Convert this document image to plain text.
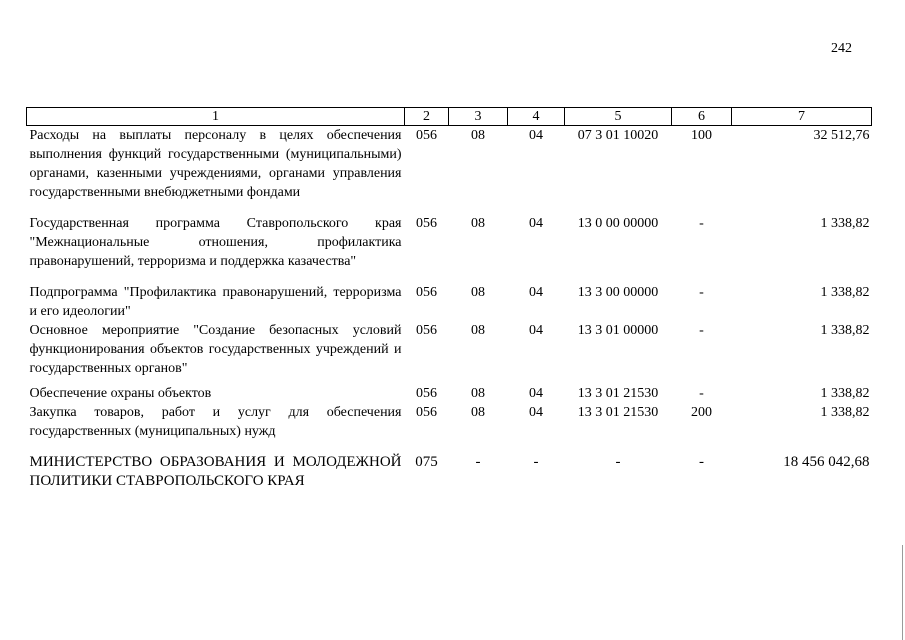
242
1	2	3	4	5	6	7
Расходы на выплаты персоналу в целях обеспечения выполнения функций государственными (муниципальными) органами, казенными учреждениями, органами управления государственными внебюджетными фондами	056	08	04	07 3 01 10020	100	32 512,76

Государственная программа Ставропольского края "Межнациональные отношения, профилактика правонарушений, терроризма и поддержка казачества"	056	08	04	13 0 00 00000	-	1 338,82

Подпрограмма "Профилактика правонарушений, терроризма и его идеологии"	056	08	04	13 3 00 00000	-	1 338,82
Основное мероприятие "Создание безопасных условий функционирования объектов государственных учреждений и государственных органов"	056	08	04	13 3 01 00000	-	1 338,82

Обеспечение охраны объектов	056	08	04	13 3 01 21530	-	1 338,82
Закупка товаров, работ и услуг для обеспечения государственных (муниципальных) нужд	056	08	04	13 3 01 21530	200	1 338,82

МИНИСТЕРСТВО ОБРАЗОВАНИЯ И МОЛОДЕЖНОЙ ПОЛИТИКИ СТАВРОПОЛЬСКОГО КРАЯ	075	-	-	-	-	18 456 042,68
